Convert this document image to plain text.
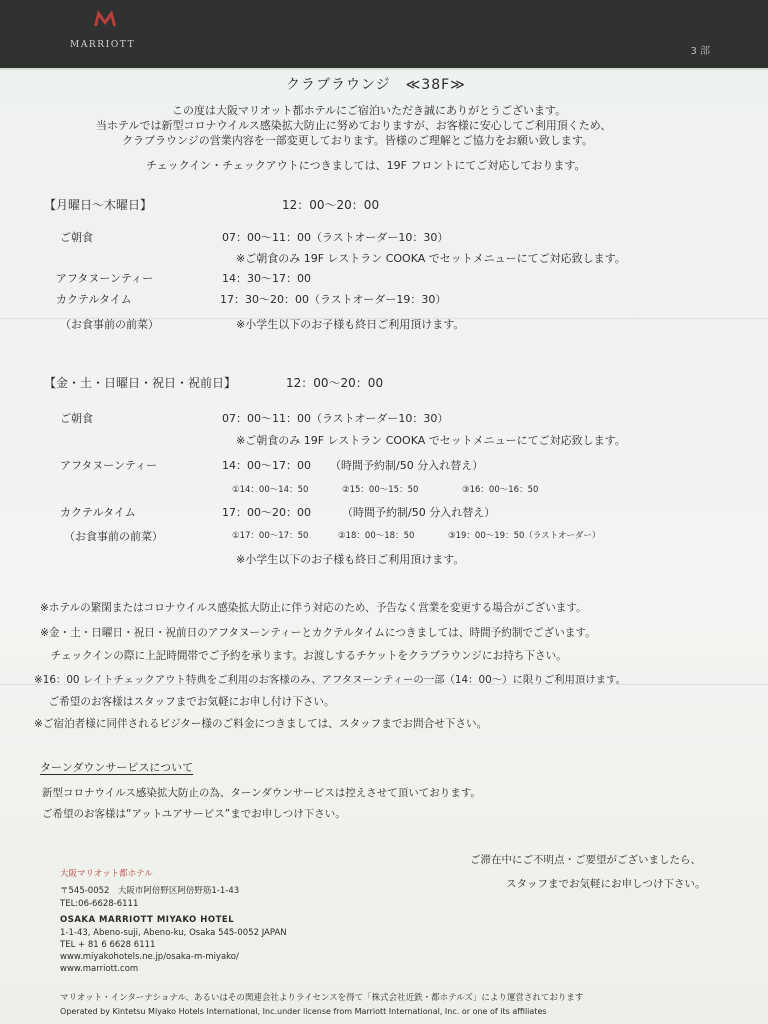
MARRIOTT
3 部
クラブラウンジ　≪38F≫
この度は大阪マリオット都ホテルにご宿泊いただき誠にありがとうございます。
当ホテルでは新型コロナウイルス感染拡大防止に努めておりますが、お客様に安心してご利用頂くため、
クラブラウンジの営業内容を一部変更しております。皆様のご理解とご協力をお願い致します。
チェックイン・チェックアウトにつきましては、19F フロントにてご対応しております。
【月曜日～木曜日】	12：00～20：00
ご朝食	07：00～11：00（ラストオーダー10：30）
※ご朝食のみ 19F レストラン COOKA でセットメニューにてご対応致します。
アフタヌーンティー	14：30～17：00
カクテルタイム	17：30～20：00（ラストオーダー19：30）
（お食事前の前菜）	※小学生以下のお子様も終日ご利用頂けます。
【金・土・日曜日・祝日・祝前日】	12：00～20：00
ご朝食	07：00～11：00（ラストオーダー10：30）
※ご朝食のみ 19F レストラン COOKA でセットメニューにてご対応致します。
アフタヌーンティー	14：00～17：00 （時間予約制/50 分入れ替え）
①14：00～14：50	②15：00～15：50	③16：00～16：50
カクテルタイム	17：00～20：00	（時間予約制/50 分入れ替え）
（お食事前の前菜）	①17：00～17：50	②18：00～18：50	③19：00～19：50（ラストオーダー）
※小学生以下のお子様も終日ご利用頂けます。
※ホテルの繁閑またはコロナウイルス感染拡大防止に伴う対応のため、予告なく営業を変更する場合がございます。
※金・土・日曜日・祝日・祝前日のアフタヌーンティーとカクテルタイムにつきましては、時間予約制でございます。
　チェックインの際に上記時間帯でご予約を承ります。お渡しするチケットをクラブラウンジにお持ち下さい。
※16：00 レイトチェックアウト特典をご利用のお客様のみ、アフタヌーンティーの一部（14：00～）に限りご利用頂けます。
　ご希望のお客様はスタッフまでお気軽にお申し付け下さい。
※ご宿泊者様に同伴されるビジター様のご料金につきましては、スタッフまでお問合せ下さい。
ターンダウンサービスについて
新型コロナウイルス感染拡大防止の為、ターンダウンサービスは控えさせて頂いております。
ご希望のお客様は“アットユアサービス”までお申しつけ下さい。
ご滞在中にご不明点・ご要望がございましたら、
スタッフまでお気軽にお申しつけ下さい。
大阪マリオット都ホテル
〒545-0052　大阪市阿倍野区阿倍野筋1-1-43
TEL:06-6628-6111
OSAKA MARRIOTT MIYAKO HOTEL
1-1-43, Abeno-suji, Abeno-ku, Osaka 545-0052 JAPAN
TEL + 81 6 6628 6111
www.miyakohotels.ne.jp/osaka-m-miyako/
www.marriott.com
マリオット・インターナショナル、あるいはその関連会社よりライセンスを得て「株式会社近鉄・都ホテルズ」により運営されております
Operated by Kintetsu Miyako Hotels International, Inc.under license from Marriott International, Inc. or one of its affiliates
